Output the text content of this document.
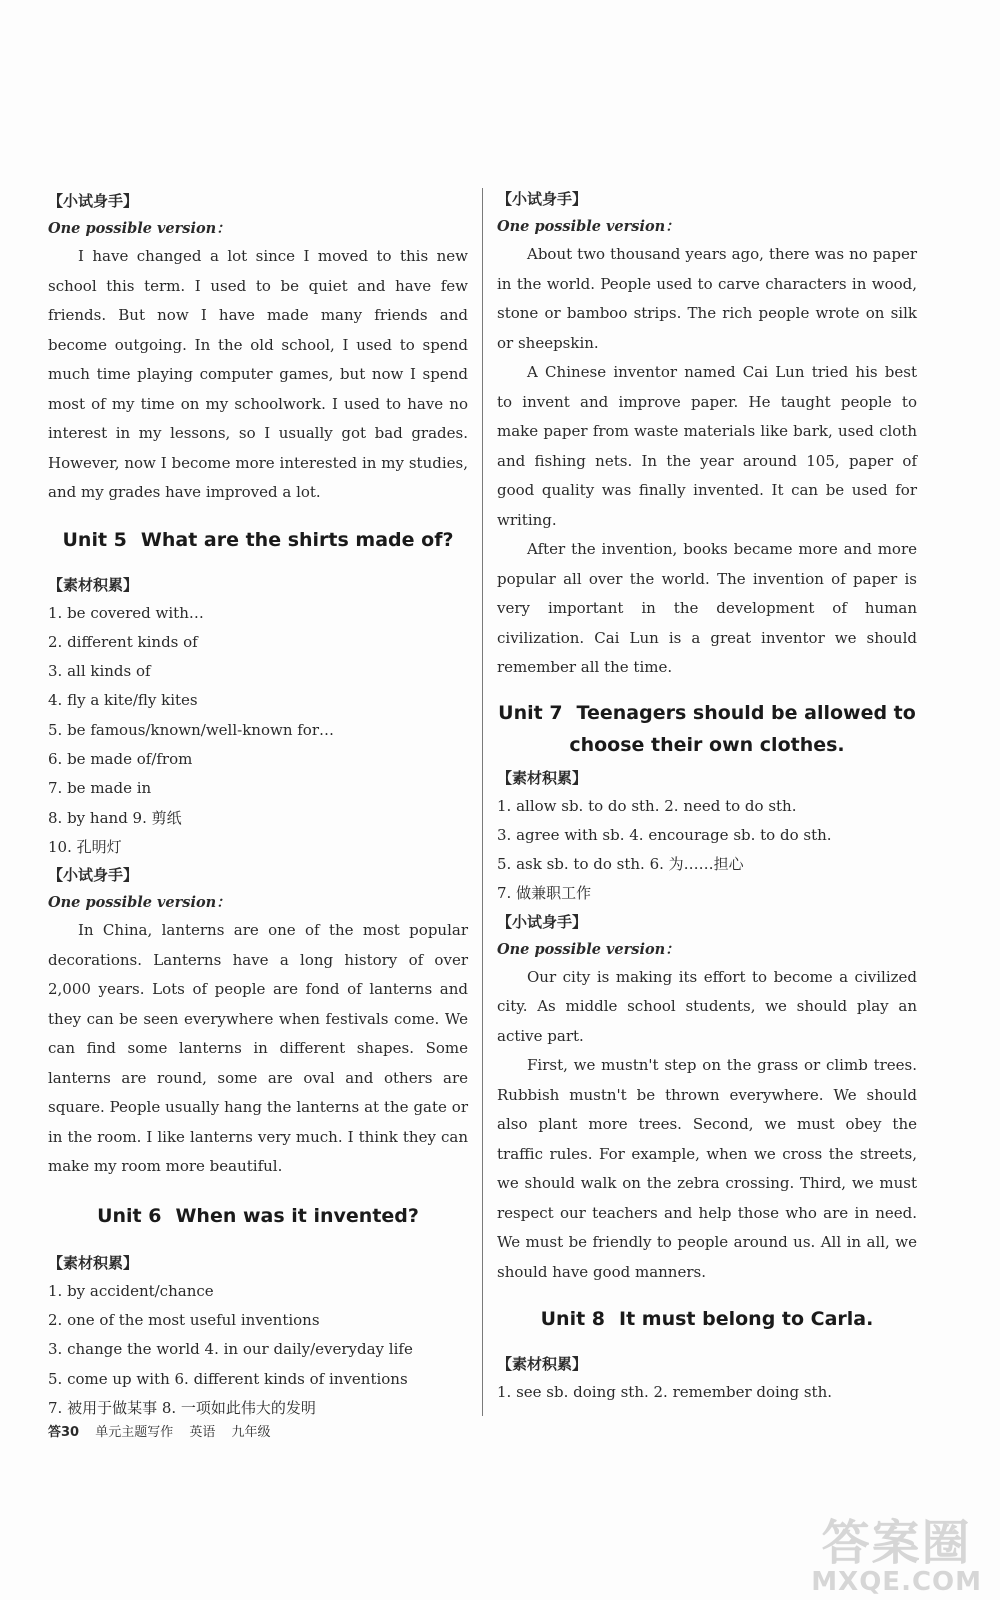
【小试身手】

One possible version：

I have changed a lot since I moved to this new school this term. I used to be quiet and have few friends. But now I have made many friends and become outgoing. In the old school, I used to spend much time playing computer games, but now I spend most of my time on my schoolwork. I used to have no interest in my lessons, so I usually got bad grades. However, now I become more interested in my studies, and my grades have improved a lot.

Unit 5 What are the shirts made of?

【素材积累】

1. be covered with…

2. different kinds of

3. all kinds of

4. fly a kite/fly kites

5. be famous/known/well-known for…

6. be made of/from

7. be made in

8. by hand 9. 剪纸

10. 孔明灯

【小试身手】

One possible version：

In China, lanterns are one of the most popular decorations. Lanterns have a long history of over 2,000 years. Lots of people are fond of lanterns and they can be seen everywhere when festivals come. We can find some lanterns in different shapes. Some lanterns are round, some are oval and others are square. People usually hang the lanterns at the gate or in the room. I like lanterns very much. I think they can make my room more beautiful.

Unit 6 When was it invented?

【素材积累】

1. by accident/chance

2. one of the most useful inventions

3. change the world 4. in our daily/everyday life

5. come up with 6. different kinds of inventions

7. 被用于做某事 8. 一项如此伟大的发明

【小试身手】

One possible version：

About two thousand years ago, there was no paper in the world. People used to carve characters in wood, stone or bamboo strips. The rich people wrote on silk or sheepskin.

A Chinese inventor named Cai Lun tried his best to invent and improve paper. He taught people to make paper from waste materials like bark, used cloth and fishing nets. In the year around 105, paper of good quality was finally invented. It can be used for writing.

After the invention, books became more and more popular all over the world. The invention of paper is very important in the development of human civilization. Cai Lun is a great inventor we should remember all the time.

Unit 7 Teenagers should be allowed to
choose their own clothes.

【素材积累】

1. allow sb. to do sth. 2. need to do sth.

3. agree with sb. 4. encourage sb. to do sth.

5. ask sb. to do sth. 6. 为……担心

7. 做兼职工作

【小试身手】

One possible version：

Our city is making its effort to become a civilized city. As middle school students, we should play an active part.

First, we mustn't step on the grass or climb trees. Rubbish mustn't be thrown everywhere. We should also plant more trees. Second, we must obey the traffic rules. For example, when we cross the streets, we should walk on the zebra crossing. Third, we must respect our teachers and help those who are in need. We must be friendly to people around us. All in all, we should have good manners.

Unit 8 It must belong to Carla.

【素材积累】

1. see sb. doing sth. 2. remember doing sth.

答30 单元主题写作 英语 九年级
答案圈
MXQE.COM
